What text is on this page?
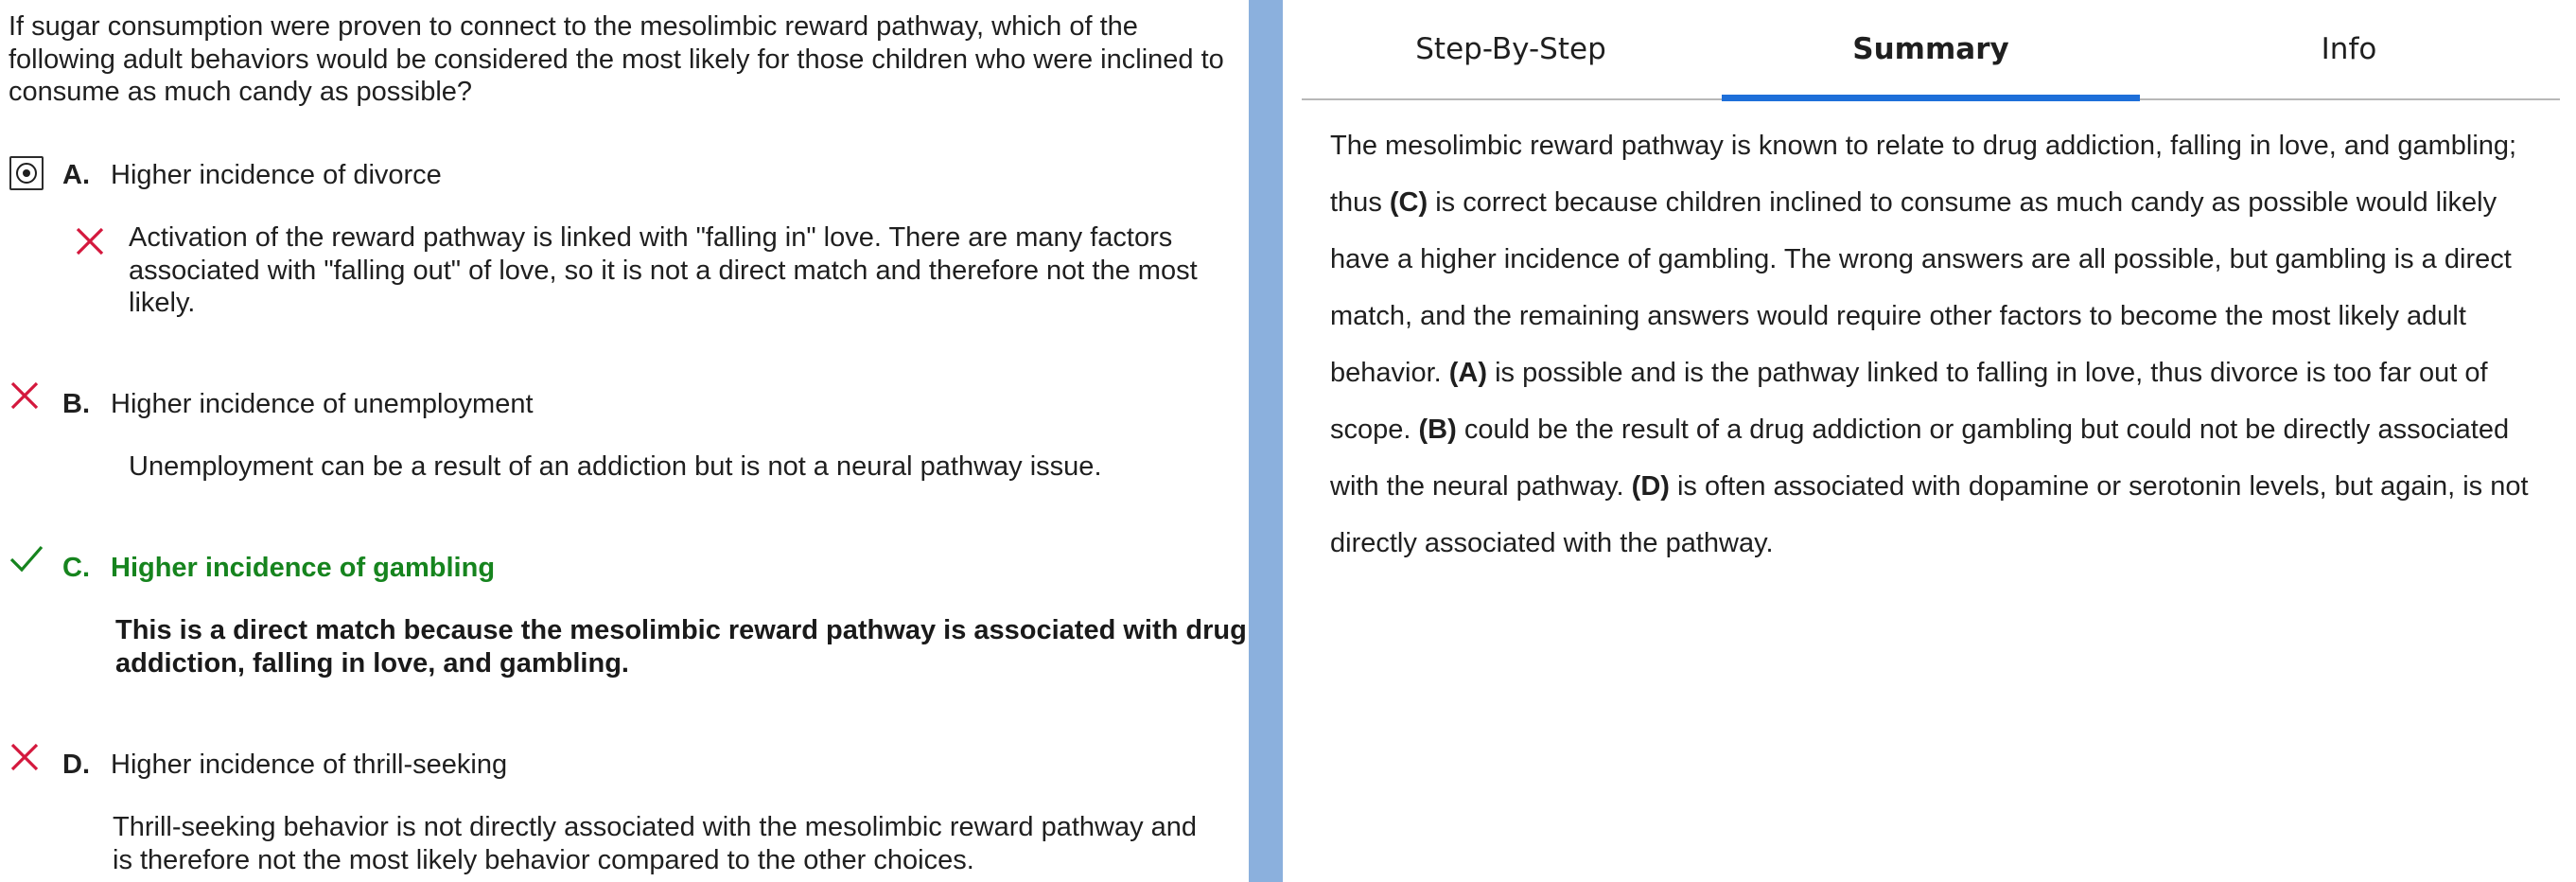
If sugar consumption were proven to connect to the mesolimbic reward pathway, which of the following adult behaviors would be considered the most likely for those children who were inclined to consume as much candy as possible?
A. Higher incidence of divorce
Activation of the reward pathway is linked with "falling in" love. There are many factors associated with "falling out" of love, so it is not a direct match and therefore not the most likely.
B. Higher incidence of unemployment
Unemployment can be a result of an addiction but is not a neural pathway issue.
C. Higher incidence of gambling
This is a direct match because the mesolimbic reward pathway is associated with drug addiction, falling in love, and gambling.
D. Higher incidence of thrill-seeking
Thrill-seeking behavior is not directly associated with the mesolimbic reward pathway and is therefore not the most likely behavior compared to the other choices.
Step-By-Step	Summary	Info
The mesolimbic reward pathway is known to relate to drug addiction, falling in love, and gambling; thus (C) is correct because children inclined to consume as much candy as possible would likely have a higher incidence of gambling. The wrong answers are all possible, but gambling is a direct match, and the remaining answers would require other factors to become the most likely adult behavior. (A) is possible and is the pathway linked to falling in love, thus divorce is too far out of scope. (B) could be the result of a drug addiction or gambling but could not be directly associated with the neural pathway. (D) is often associated with dopamine or serotonin levels, but again, is not directly associated with the pathway.
